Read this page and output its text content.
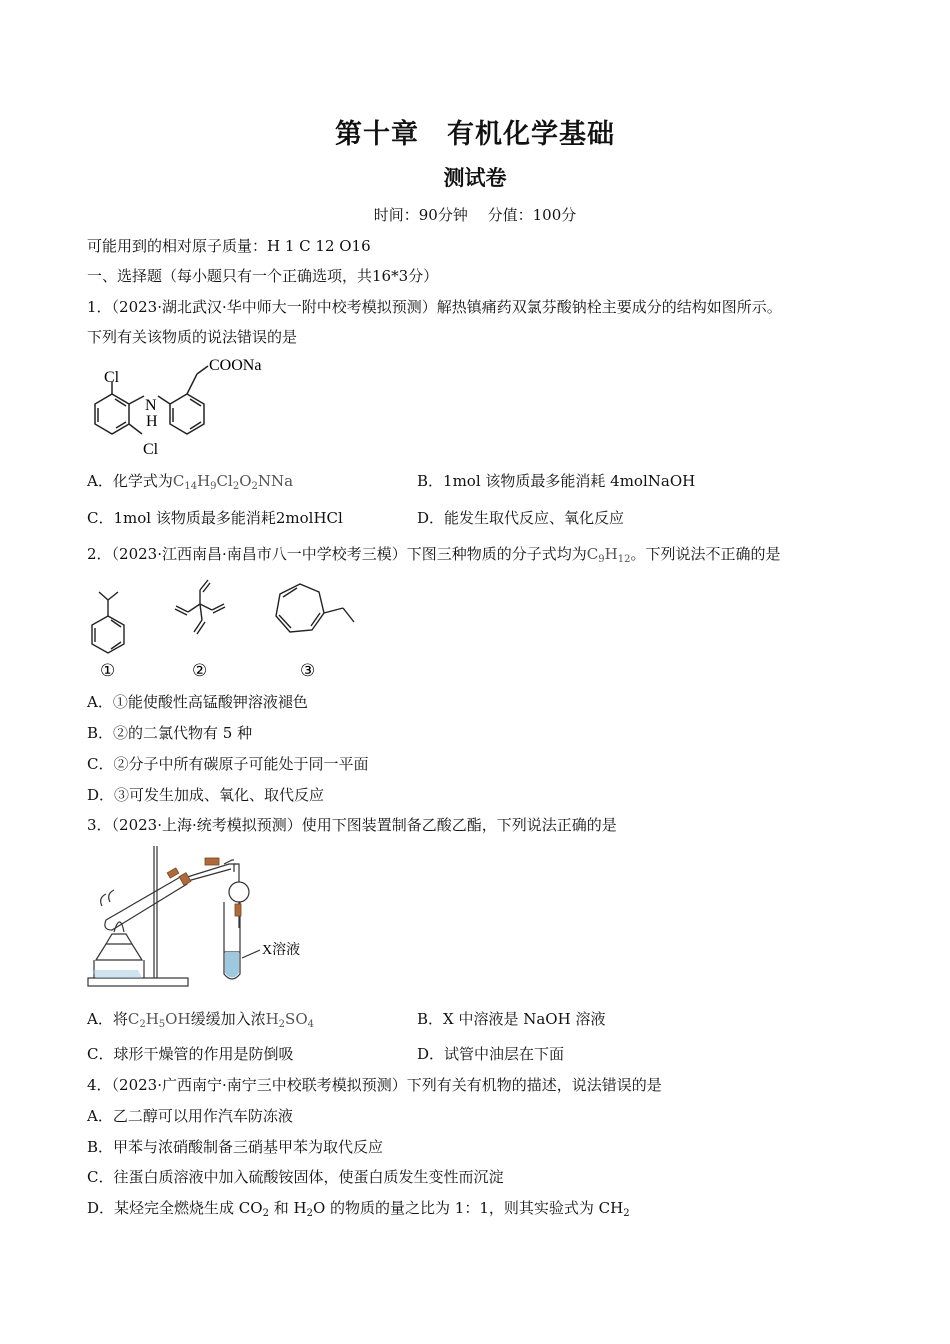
第十章　有机化学基础
测试卷
时间：90分钟　 分值：100分
可能用到的相对原子质量：H 1 C 12 O16
一、选择题（每小题只有一个正确选项，共16*3分）
1．（2023·湖北武汉·华中师大一附中校考模拟预测）解热镇痛药双氯芬酸钠栓主要成分的结构如图所示。
下列有关该物质的说法错误的是
Cl
N
H
Cl
COONa
A．化学式为$C_{14}H_9Cl_2O_2NNa$	B．1mol 该物质最多能消耗 4molNaOH
C．1mol 该物质最多能消耗2molHCl	D．能发生取代反应、氧化反应
2．（2023·江西南昌·南昌市八一中学校考三模）下图三种物质的分子式均为$C_9H_{12}$。下列说法不正确的是
①	②	③
A．①能使酸性高锰酸钾溶液褪色
B．②的二氯代物有 5 种
C．②分子中所有碳原子可能处于同一平面
D．③可发生加成、氧化、取代反应
3．（2023·上海·统考模拟预测）使用下图装置制备乙酸乙酯，下列说法正确的是
X溶液
A．将$C_2H_5OH$缓缓加入浓$H_2SO_4$	B．X 中溶液是 NaOH 溶液
C．球形干燥管的作用是防倒吸	D．试管中油层在下面
4．（2023·广西南宁·南宁三中校联考模拟预测）下列有关有机物的描述，说法错误的是
A．乙二醇可以用作汽车防冻液
B．甲苯与浓硝酸制备三硝基甲苯为取代反应
C．往蛋白质溶液中加入硫酸铵固体，使蛋白质发生变性而沉淀
D．某烃完全燃烧生成 $CO_2$ 和 $H_2O$ 的物质的量之比为 1：1，则其实验式为 $CH_2$
